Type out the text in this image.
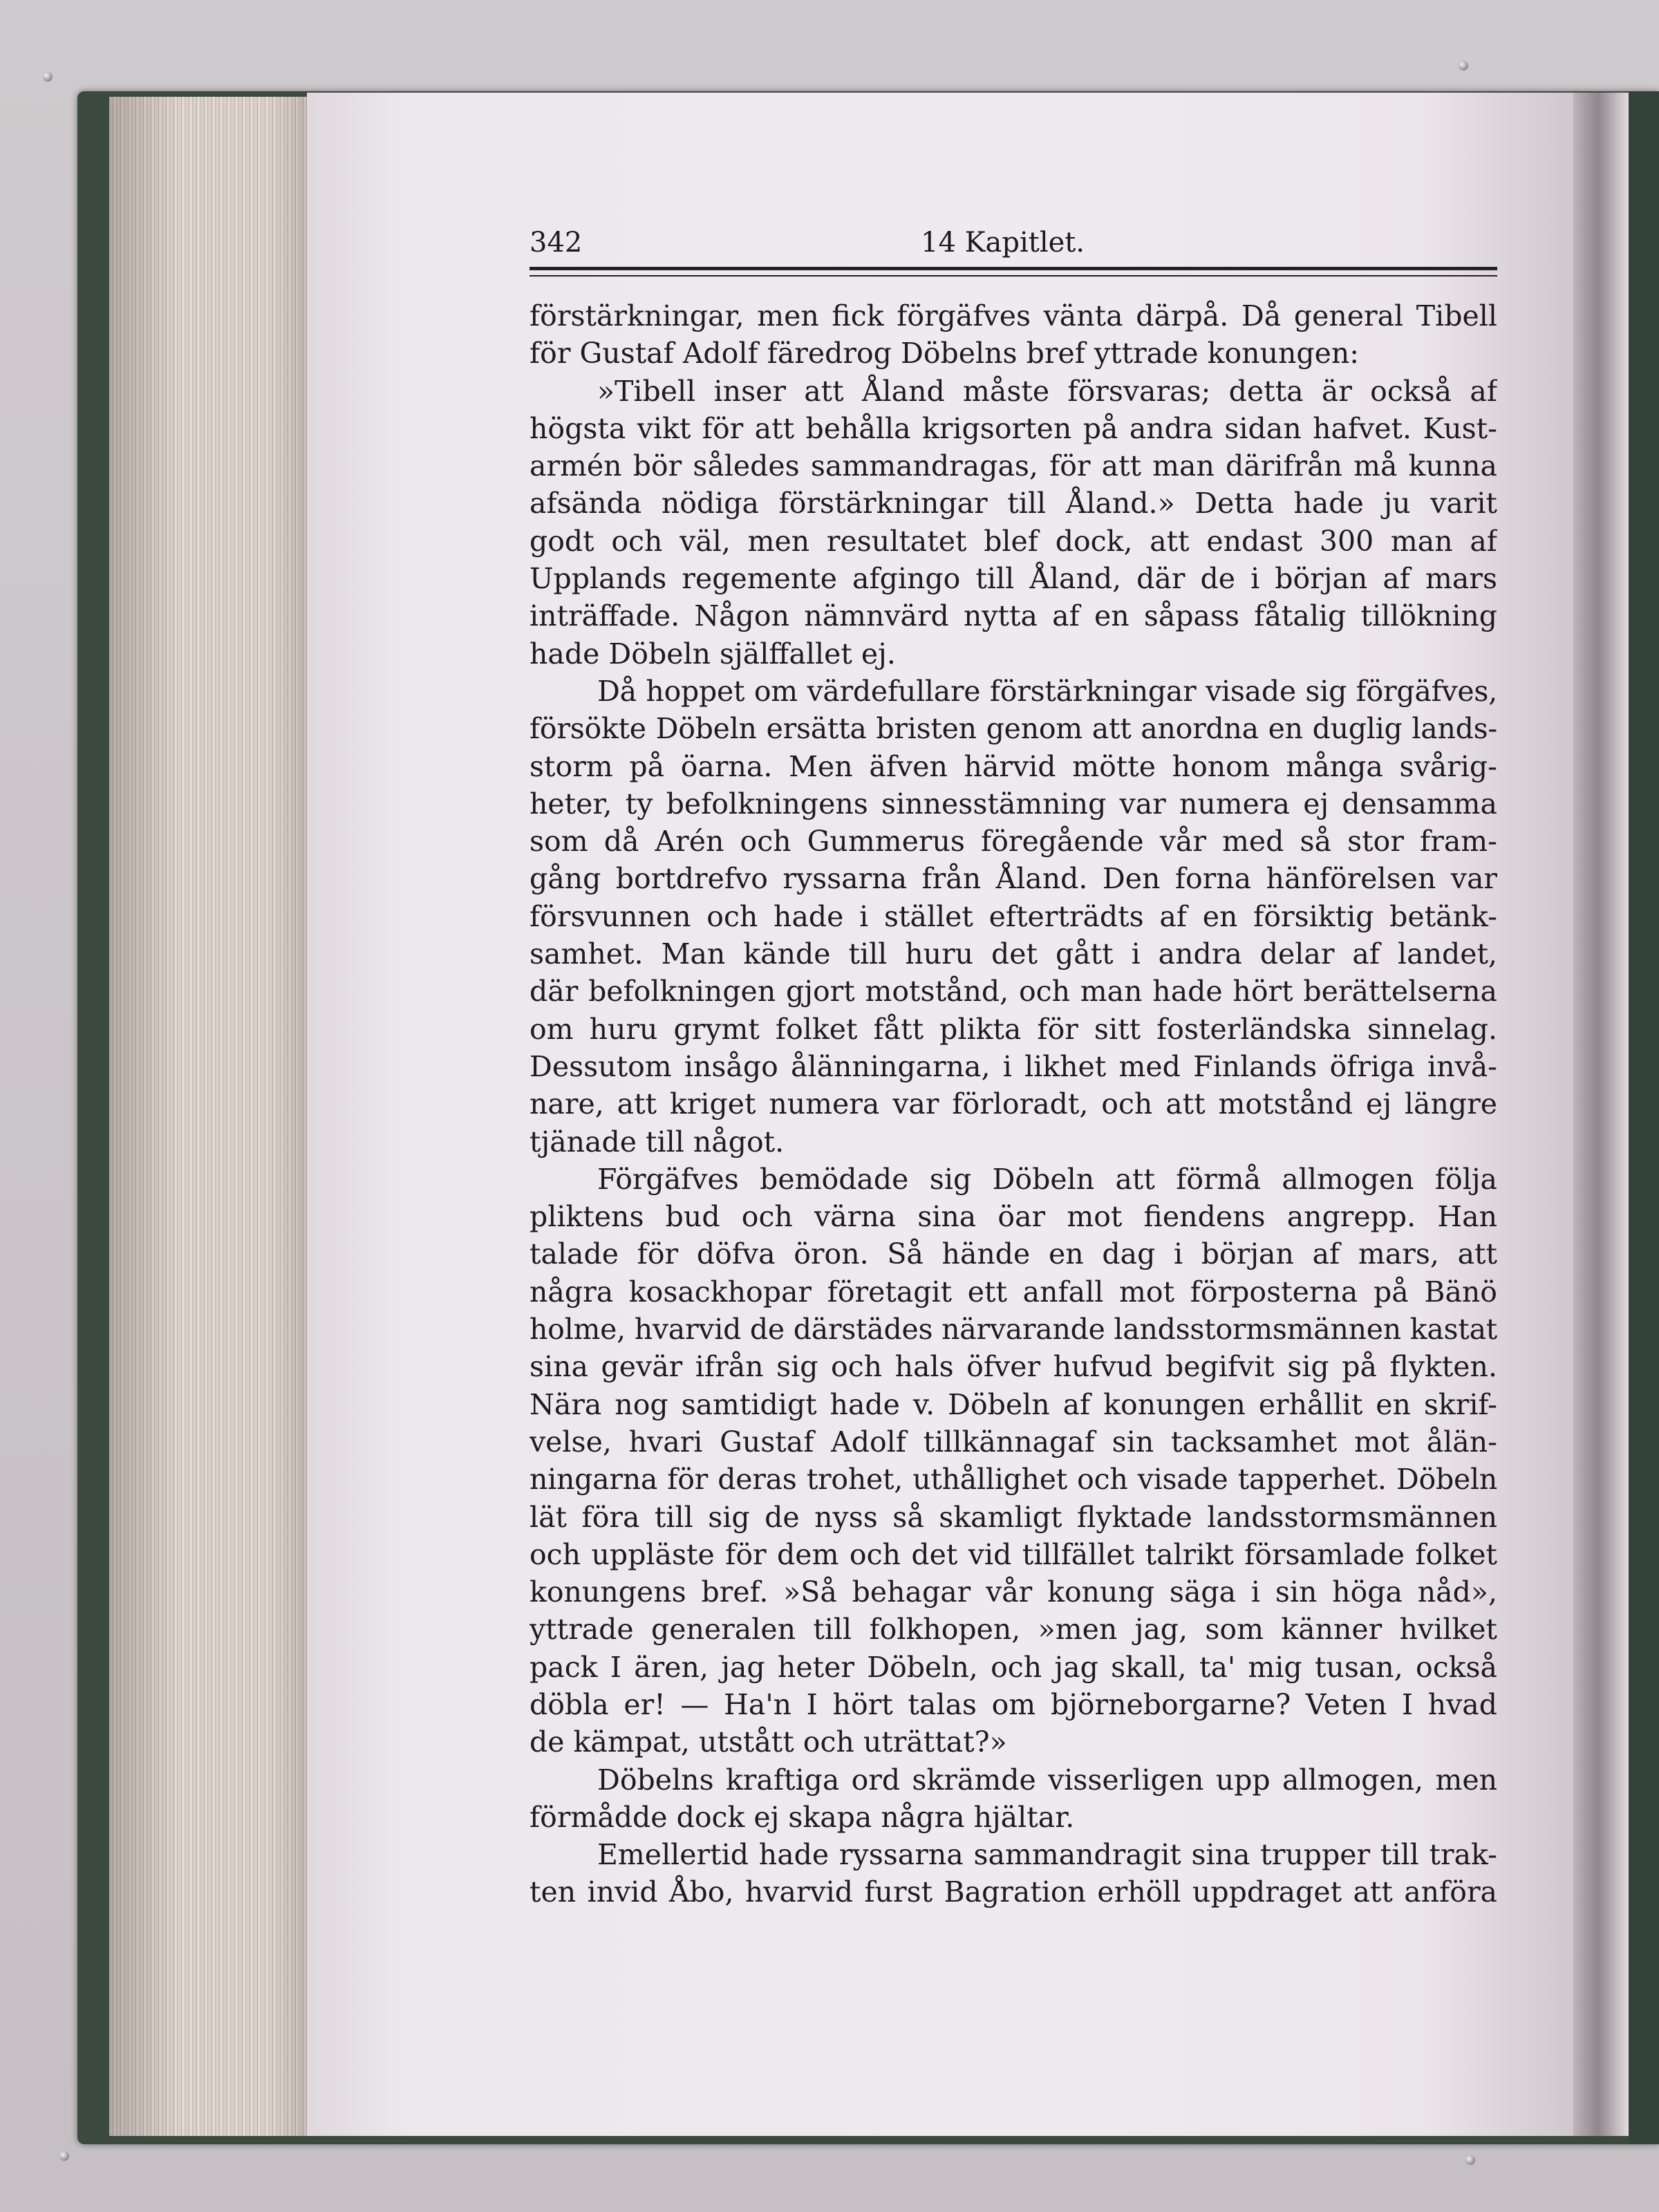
342	14 Kapitlet.
förstärkningar, men fick förgäfves vänta därpå. Då general Tibell
för Gustaf Adolf färedrog Döbelns bref yttrade konungen:
»Tibell inser att Åland måste försvaras; detta är också af
högsta vikt för att behålla krigsorten på andra sidan hafvet. Kust-
armén bör således sammandragas, för att man därifrån må kunna
afsända nödiga förstärkningar till Åland.» Detta hade ju varit
godt och väl, men resultatet blef dock, att endast 300 man af
Upplands regemente afgingo till Åland, där de i början af mars
inträffade. Någon nämnvärd nytta af en såpass fåtalig tillökning
hade Döbeln själffallet ej.
Då hoppet om värdefullare förstärkningar visade sig förgäfves,
försökte Döbeln ersätta bristen genom att anordna en duglig lands-
storm på öarna. Men äfven härvid mötte honom många svårig-
heter, ty befolkningens sinnesstämning var numera ej densamma
som då Arén och Gummerus föregående vår med så stor fram-
gång bortdrefvo ryssarna från Åland. Den forna hänförelsen var
försvunnen och hade i stället efterträdts af en försiktig betänk-
samhet. Man kände till huru det gått i andra delar af landet,
där befolkningen gjort motstånd, och man hade hört berättelserna
om huru grymt folket fått plikta för sitt fosterländska sinnelag.
Dessutom insågo ålänningarna, i likhet med Finlands öfriga invå-
nare, att kriget numera var förloradt, och att motstånd ej längre
tjänade till något.
Förgäfves bemödade sig Döbeln att förmå allmogen följa
pliktens bud och värna sina öar mot fiendens angrepp. Han
talade för döfva öron. Så hände en dag i början af mars, att
några kosackhopar företagit ett anfall mot förposterna på Bänö
holme, hvarvid de därstädes närvarande landsstormsmännen kastat
sina gevär ifrån sig och hals öfver hufvud begifvit sig på flykten.
Nära nog samtidigt hade v. Döbeln af konungen erhållit en skrif-
velse, hvari Gustaf Adolf tillkännagaf sin tacksamhet mot ålän-
ningarna för deras trohet, uthållighet och visade tapperhet. Döbeln
lät föra till sig de nyss så skamligt flyktade landsstormsmännen
och uppläste för dem och det vid tillfället talrikt församlade folket
konungens bref. »Så behagar vår konung säga i sin höga nåd»,
yttrade generalen till folkhopen, »men jag, som känner hvilket
pack I ären, jag heter Döbeln, och jag skall, ta' mig tusan, också
döbla er! — Ha'n I hört talas om björneborgarne? Veten I hvad
de kämpat, utstått och uträttat?»
Döbelns kraftiga ord skrämde visserligen upp allmogen, men
förmådde dock ej skapa några hjältar.
Emellertid hade ryssarna sammandragit sina trupper till trak-
ten invid Åbo, hvarvid furst Bagration erhöll uppdraget att anföra
